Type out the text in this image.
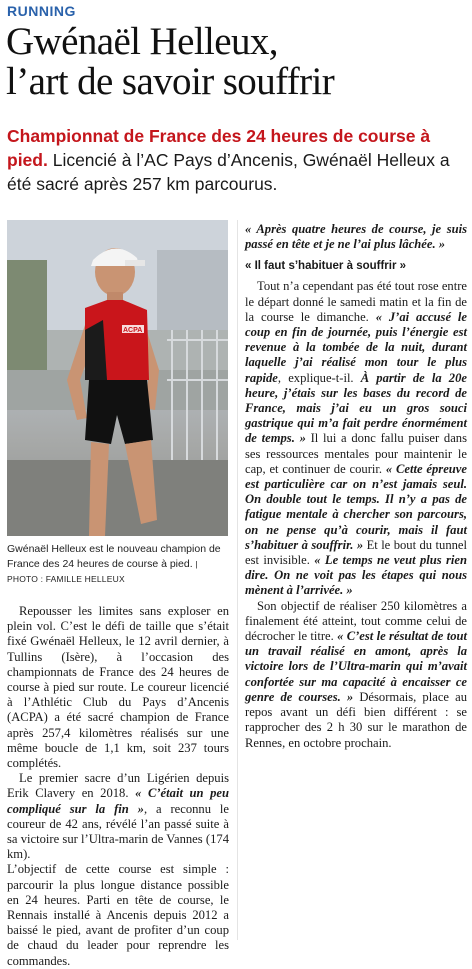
RUNNING
Gwénaël Helleux,
l’art de savoir souffrir
Championnat de France des 24 heures de course à pied. Licencié à l’AC Pays d’Ancenis, Gwénaël Helleux a été sacré après 257 km parcourus.
ACPA
Gwénaël Helleux est le nouveau champion de France des 24 heures de course à pied. | PHOTO : FAMILLE HELLEUX

Repousser les limites sans exploser en plein vol. C’est le défi de taille que s’était fixé Gwénaël Helleux, le 12 avril dernier, à Tullins (Isère), à l’occasion des championnats de France des 24 heures de course à pied sur route. Le coureur licencié à l’Athlétic Club du Pays d’Ancenis (ACPA) a été sacré champion de France après 257,4 kilomètres réalisés sur une même boucle de 1,1 km, soit 237 tours complétés.

Le premier sacre d’un Ligérien depuis Erik Clavery en 2018. « C’était un peu compliqué sur la fin », a reconnu le coureur de 42 ans, révélé l’an passé suite à sa victoire sur l’Ultra-marin de Vannes (174 km).

L’objectif de cette course est simple : parcourir la plus longue distance possible en 24 heures. Parti en tête de course, le Rennais installé à Ancenis depuis 2012 a baissé le pied, avant de profiter d’un coup de chaud du leader pour reprendre les commandes.

« Après quatre heures de course, je suis passé en tête et je ne l’ai plus lâchée. »

« Il faut s’habituer à souffrir »

Tout n’a cependant pas été tout rose entre le départ donné le samedi matin et la fin de la course le dimanche. « J’ai accusé le coup en fin de journée, puis l’énergie est revenue à la tombée de la nuit, durant laquelle j’ai réalisé mon tour le plus rapide, explique-t-il. À partir de la 20e heure, j’étais sur les bases du record de France, mais j’ai eu un gros souci gastrique qui m’a fait perdre énormément de temps. » Il lui a donc fallu puiser dans ses ressources mentales pour maintenir le cap, et continuer de courir. « Cette épreuve est particulière car on n’est jamais seul. On double tout le temps. Il n’y a pas de fatigue mentale à chercher son parcours, on ne pense qu’à courir, mais il faut s’habituer à souffrir. » Et le bout du tunnel est invisible. « Le temps ne veut plus rien dire. On ne voit pas les étapes qui nous mènent à l’arrivée. »

Son objectif de réaliser 250 kilomètres a finalement été atteint, tout comme celui de décrocher le titre. « C’est le résultat de tout un travail réalisé en amont, après la victoire lors de l’Ultra-marin qui m’avait confortée sur ma capacité à encaisser ce genre de courses. » Désormais, place au repos avant un défi bien différent : se rapprocher des 2 h 30 sur le marathon de Rennes, en octobre prochain.
